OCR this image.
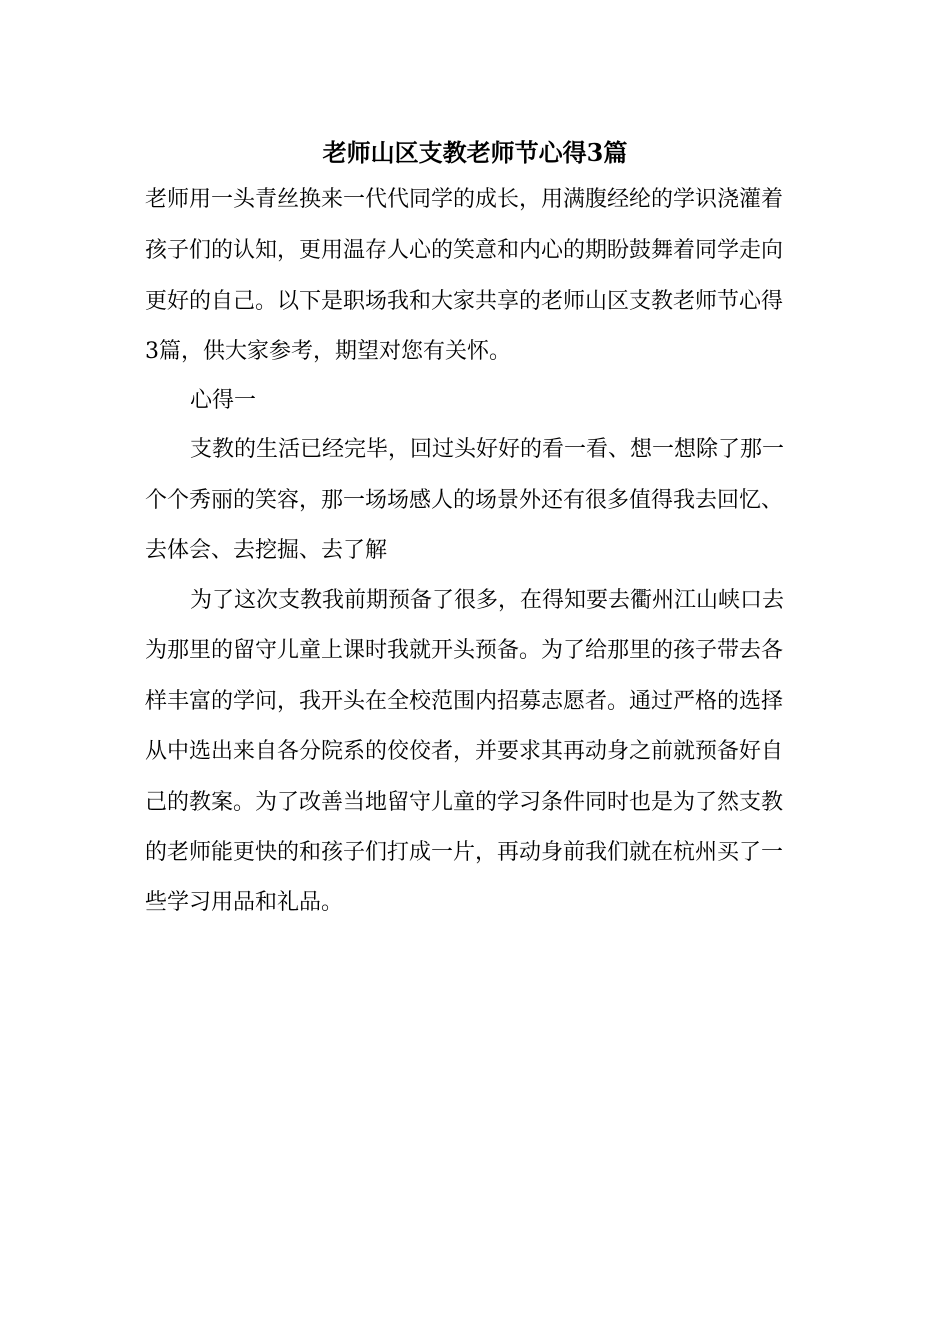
老师山区支教老师节心得3篇
老师用一头青丝换来一代代同学的成长，用满腹经纶的学识浇灌着
孩子们的认知，更用温存人心的笑意和内心的期盼鼓舞着同学走向
更好的自己。以下是职场我和大家共享的老师山区支教老师节心得
3篇，供大家参考，期望对您有关怀。
心得一
支教的生活已经完毕，回过头好好的看一看、想一想除了那一
个个秀丽的笑容，那一场场感人的场景外还有很多值得我去回忆、
去体会、去挖掘、去了解
为了这次支教我前期预备了很多，在得知要去衢州江山峡口去
为那里的留守儿童上课时我就开头预备。为了给那里的孩子带去各
样丰富的学问，我开头在全校范围内招募志愿者。通过严格的选择
从中选出来自各分院系的佼佼者，并要求其再动身之前就预备好自
己的教案。为了改善当地留守儿童的学习条件同时也是为了然支教
的老师能更快的和孩子们打成一片，再动身前我们就在杭州买了一
些学习用品和礼品。
